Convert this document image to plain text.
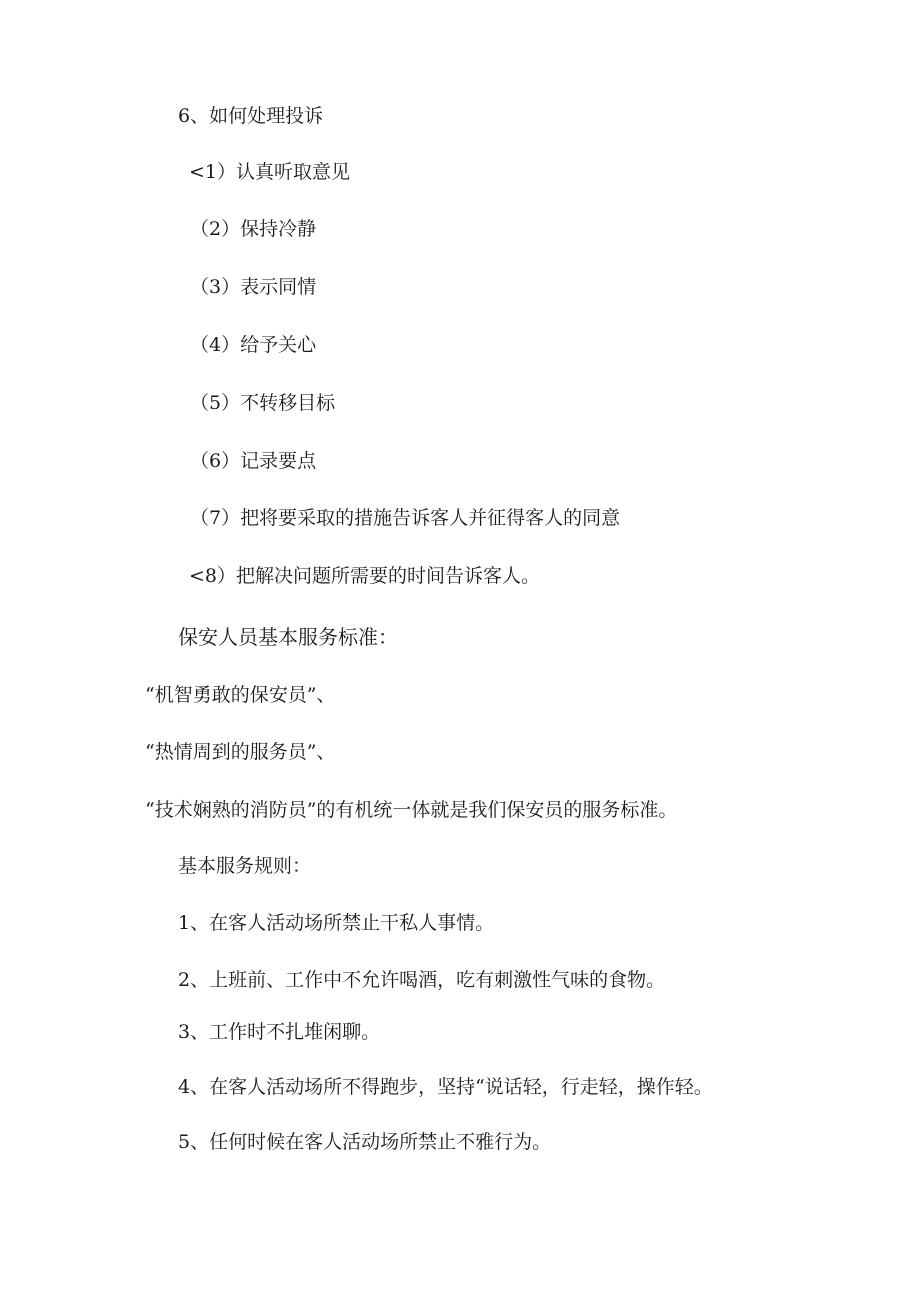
6、如何处理投诉
<1）认真听取意见
（2）保持冷静
（3）表示同情
（4）给予关心
（5）不转移目标
（6）记录要点
（7）把将要采取的措施告诉客人并征得客人的同意
<8）把解决问题所需要的时间告诉客人。
保安人员基本服务标准：
“机智勇敢的保安员”、
“热情周到的服务员”、
“技术娴熟的消防员”的有机统一体就是我们保安员的服务标准。
基本服务规则：
1、在客人活动场所禁止干私人事情。
2、上班前、工作中不允许喝酒，吃有刺激性气味的食物。
3、工作时不扎堆闲聊。
4、在客人活动场所不得跑步，坚持“说话轻，行走轻，操作轻。
5、任何时候在客人活动场所禁止不雅行为。
